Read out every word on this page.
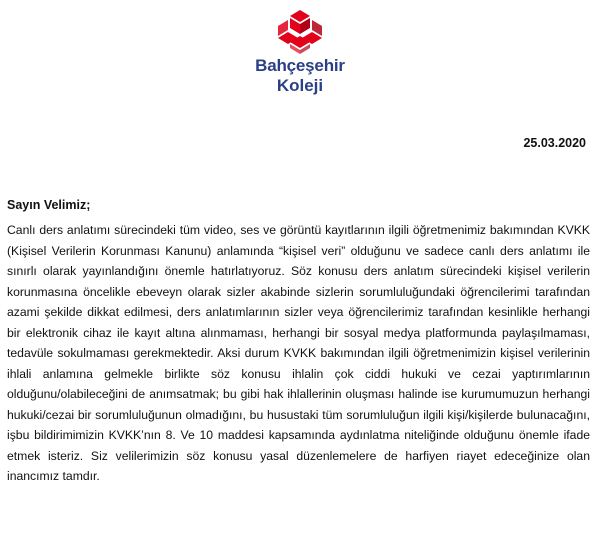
Bahçeşehir
Koleji
25.03.2020
Sayın Velimiz;

Canlı ders anlatımı sürecindeki tüm video, ses ve görüntü kayıtlarının ilgili öğretmenimiz bakımından KVKK (Kişisel Verilerin Korunması Kanunu) anlamında “kişisel veri” olduğunu ve sadece canlı ders anlatımı ile sınırlı olarak yayınlandığını önemle hatırlatıyoruz. Söz konusu ders anlatım sürecindeki kişisel verilerin korunmasına öncelikle ebeveyn olarak sizler akabinde sizlerin sorumluluğundaki öğrencilerimi tarafından azami şekilde dikkat edilmesi, ders anlatımlarının sizler veya öğrencilerimiz tarafından kesinlikle herhangi bir elektronik cihaz ile kayıt altına alınmaması, herhangi bir sosyal medya platformunda paylaşılmaması, tedavüle sokulmaması gerekmektedir. Aksi durum KVKK bakımından ilgili öğretmenimizin kişisel verilerinin ihlali anlamına gelmekle birlikte söz konusu ihlalin çok ciddi hukuki ve cezai yaptırımlarının olduğunu/olabileceğini de anımsatmak; bu gibi hak ihlallerinin oluşması halinde ise kurumumuzun herhangi hukuki/cezai bir sorumluluğunun olmadığını, bu husustaki tüm sorumluluğun ilgili kişi/kişilerde bulunacağını, işbu bildirimimizin KVKK’nın 8. Ve 10 maddesi kapsamında aydınlatma niteliğinde olduğunu önemle ifade etmek isteriz. Siz velilerimizin söz konusu yasal düzenlemelere de harfiyen riayet edeceğinize olan inancımız tamdır.
